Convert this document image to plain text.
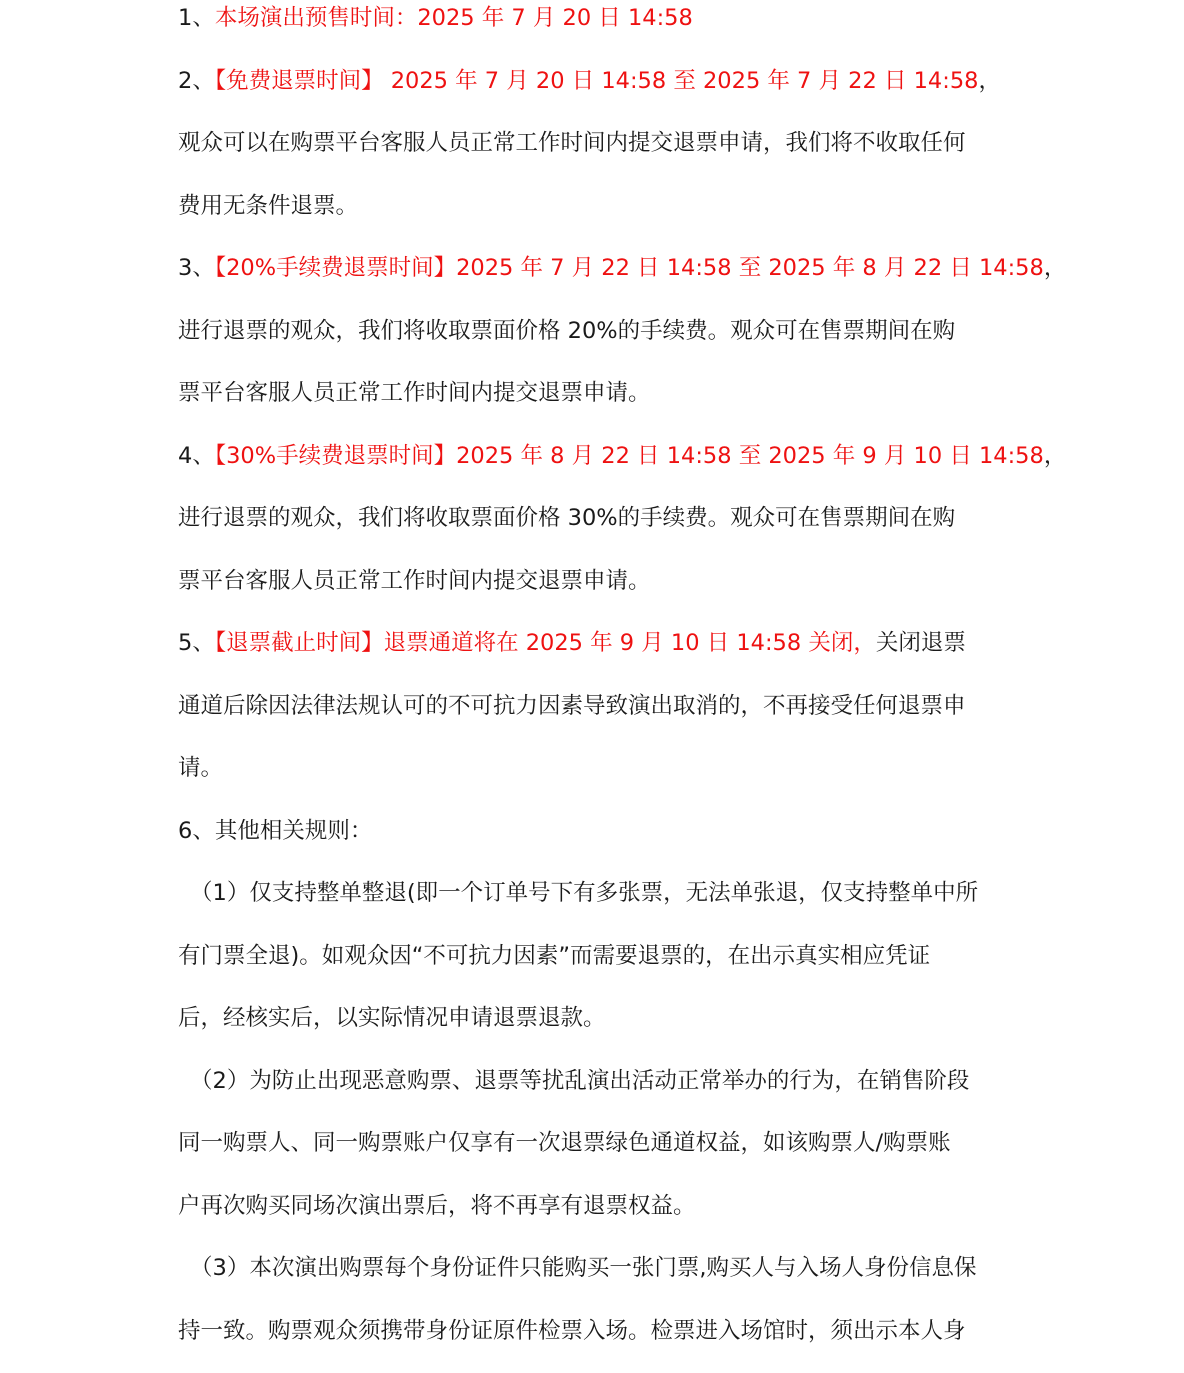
1、本场演出预售时间：2025 年 7 月 20 日 14:58
2、【免费退票时间】 2025 年 7 月 20 日 14:58 至 2025 年 7 月 22 日 14:58，
观众可以在购票平台客服人员正常工作时间内提交退票申请，我们将不收取任何
费用无条件退票。
3、【20%手续费退票时间】2025 年 7 月 22 日 14:58 至 2025 年 8 月 22 日 14:58，
进行退票的观众，我们将收取票面价格 20%的手续费。观众可在售票期间在购
票平台客服人员正常工作时间内提交退票申请。
4、【30%手续费退票时间】2025 年 8 月 22 日 14:58 至 2025 年 9 月 10 日 14:58，
进行退票的观众，我们将收取票面价格 30%的手续费。观众可在售票期间在购
票平台客服人员正常工作时间内提交退票申请。
5、【退票截止时间】退票通道将在 2025 年 9 月 10 日 14:58 关闭，关闭退票
通道后除因法律法规认可的不可抗力因素导致演出取消的，不再接受任何退票申
请。
6、其他相关规则：
（1）仅支持整单整退(即一个订单号下有多张票，无法单张退，仅支持整单中所
有门票全退)。如观众因“不可抗力因素”而需要退票的，在出示真实相应凭证
后，经核实后，以实际情况申请退票退款。
（2）为防止出现恶意购票、退票等扰乱演出活动正常举办的行为，在销售阶段
同一购票人、同一购票账户仅享有一次退票绿色通道权益，如该购票人/购票账
户再次购买同场次演出票后，将不再享有退票权益。
（3）本次演出购票每个身份证件只能购买一张门票,购买人与入场人身份信息保
持一致。购票观众须携带身份证原件检票入场。检票进入场馆时，须出示本人身
